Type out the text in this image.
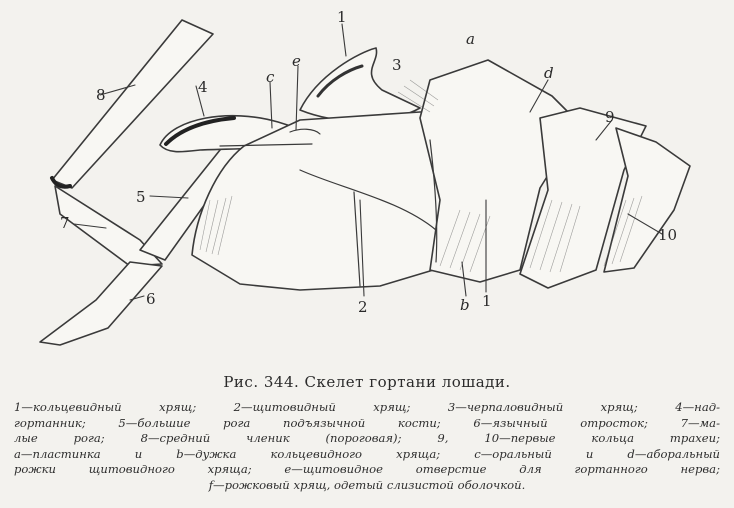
1
3
a
d
9
10
8	4
c
e
5
7
6	2	b 1
Рис. 344. Скелет гортани лошади.

1—кольцевидный хрящ; 2—щитовидный хрящ; 3—черпаловидный хрящ; 4—над-

гортанник; 5—большие рога подъязычной кости; 6—язычный отросток; 7—ма-

лые рога; 8—средний членик (пороговая); 9, 10—первые кольца трахеи;

a—пластинка и b—дужка кольцевидного хряща; c—оральный и d—аборальный

рожки щитовидного хряща; e—щитовидное отверстие для гортанного нерва;

f—рожковый хрящ, одетый слизистой оболочкой.
